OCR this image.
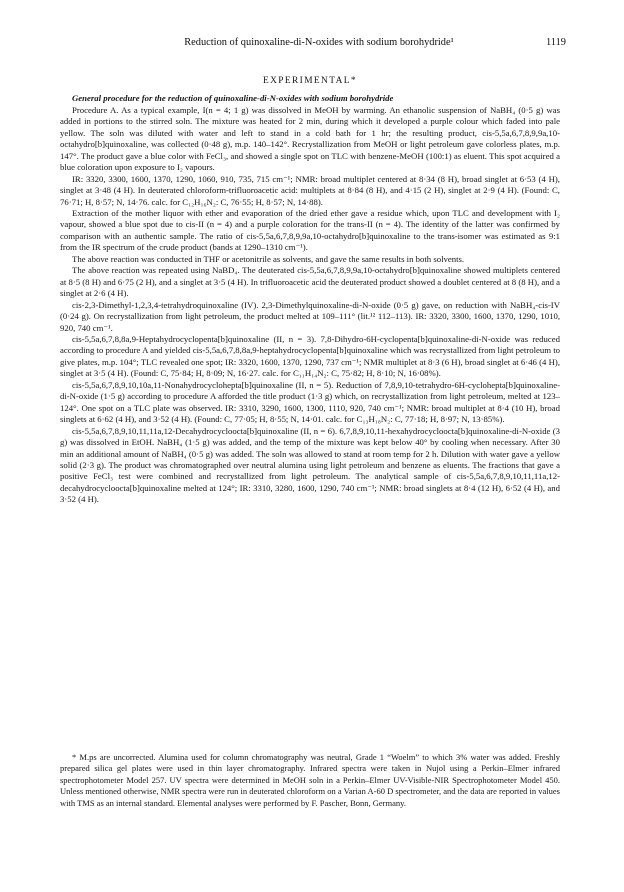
Reduction of quinoxaline-di-N-oxides with sodium borohydride¹	1119
EXPERIMENTAL*

General procedure for the reduction of quinoxaline-di-N-oxides with sodium borohydride

Procedure A. As a typical example, I(n = 4; 1 g) was dissolved in MeOH by warming. An ethanolic suspension of NaBH₄ (0·5 g) was added in portions to the stirred soln. The mixture was heated for 2 min, during which it developed a purple colour which faded into pale yellow. The soln was diluted with water and left to stand in a cold bath for 1 hr; the resulting product, cis-5,5a,6,7,8,9,9a,10-octahydro[b]quinoxaline, was collected (0·48 g), m.p. 140–142°. Recrystallization from MeOH or light petroleum gave colorless plates, m.p. 147°. The product gave a blue color with FeCl₃, and showed a single spot on TLC with benzene-MeOH (100:1) as eluent. This spot acquired a blue coloration upon exposure to I₂ vapours.

IR: 3320, 3300, 1600, 1370, 1290, 1060, 910, 735, 715 cm⁻¹; NMR: broad multiplet centered at 8·34 (8 H), broad singlet at 6·53 (4 H), singlet at 3·48 (4 H). In deuterated chloroform-trifluoroacetic acid: multiplets at 8·84 (8 H), and 4·15 (2 H), singlet at 2·9 (4 H). (Found: C, 76·71; H, 8·57; N, 14·76. calc. for C₁₂H₁₆N₂: C, 76·55; H, 8·57; N, 14·88).

Extraction of the mother liquor with ether and evaporation of the dried ether gave a residue which, upon TLC and development with I₂ vapour, showed a blue spot due to cis-II (n = 4) and a purple coloration for the trans-II (n = 4). The identity of the latter was confirmed by comparison with an authentic sample. The ratio of cis-5,5a,6,7,8,9,9a,10-octahydro[b]quinoxaline to the trans-isomer was estimated as 9:1 from the IR spectrum of the crude product (bands at 1290–1310 cm⁻¹).

The above reaction was conducted in THF or acetonitrile as solvents, and gave the same results in both solvents.

The above reaction was repeated using NaBD₄. The deuterated cis-5,5a,6,7,8,9,9a,10-octahydro[b]quinoxaline showed multiplets centered at 8·5 (8 H) and 6·75 (2 H), and a singlet at 3·5 (4 H). In trifluoroacetic acid the deuterated product showed a doublet centered at 8 (8 H), and a singlet at 2·6 (4 H).

cis-2,3-Dimethyl-1,2,3,4-tetrahydroquinoxaline (IV). 2,3-Dimethylquinoxaline-di-N-oxide (0·5 g) gave, on reduction with NaBH₄-cis-IV (0·24 g). On recrystallization from light petroleum, the product melted at 109–111° (lit.¹² 112–113). IR: 3320, 3300, 1600, 1370, 1290, 1010, 920, 740 cm⁻¹.

cis-5,5a,6,7,8,8a,9-Heptahydrocyclopenta[b]quinoxaline (II, n = 3). 7,8-Dihydro-6H-cyclopenta[b]quinoxaline-di-N-oxide was reduced according to procedure A and yielded cis-5,5a,6,7,8,8a,9-heptahydrocyclopenta[b]quinoxaline which was recrystallized from light petroleum to give plates, m.p. 104°; TLC revealed one spot; IR: 3320, 1600, 1370, 1290, 737 cm⁻¹; NMR multiplet at 8·3 (6 H), broad singlet at 6·46 (4 H), singlet at 3·5 (4 H). (Found: C, 75·84; H, 8·09; N, 16·27. calc. for C₁₁H₁₄N₂: C, 75·82; H, 8·10; N, 16·08%).

cis-5,5a,6,7,8,9,10,10a,11-Nonahydrocyclohepta[b]quinoxaline (II, n = 5). Reduction of 7,8,9,10-tetrahydro-6H-cyclohepta[b]quinoxaline-di-N-oxide (1·5 g) according to procedure A afforded the title product (1·3 g) which, on recrystallization from light petroleum, melted at 123–124°. One spot on a TLC plate was observed. IR: 3310, 3290, 1600, 1300, 1110, 920, 740 cm⁻¹; NMR: broad multiplet at 8·4 (10 H), broad singlets at 6·62 (4 H), and 3·52 (4 H). (Found: C, 77·05; H, 8·55; N, 14·01. calc. for C₁₃H₁₈N₂: C, 77·18; H, 8·97; N, 13·85%).

cis-5,5a,6,7,8,9,10,11,11a,12-Decahydrocycloocta[b]quinoxaline (II, n = 6). 6,7,8,9,10,11-hexahydrocycloocta[b]quinoxaline-di-N-oxide (3 g) was dissolved in EtOH. NaBH₄ (1·5 g) was added, and the temp of the mixture was kept below 40° by cooling when necessary. After 30 min an additional amount of NaBH₄ (0·5 g) was added. The soln was allowed to stand at room temp for 2 h. Dilution with water gave a yellow solid (2·3 g). The product was chromatographed over neutral alumina using light petroleum and benzene as eluents. The fractions that gave a positive FeCl₃ test were combined and recrystallized from light petroleum. The analytical sample of cis-5,5a,6,7,8,9,10,11,11a,12-decahydrocycloocta[b]quinoxaline melted at 124°; IR: 3310, 3280, 1600, 1290, 740 cm⁻¹; NMR: broad singlets at 8·4 (12 H), 6·52 (4 H), and 3·52 (4 H).

* M.ps are uncorrected. Alumina used for column chromatography was neutral, Grade 1 “Woelm” to which 3% water was added. Freshly prepared silica gel plates were used in thin layer chromatography. Infrared spectra were taken in Nujol using a Perkin–Elmer infrared spectrophotometer Model 257. UV spectra were determined in MeOH soln in a Perkin–Elmer UV-Visible-NIR Spectrophotometer Model 450. Unless mentioned otherwise, NMR spectra were run in deuterated chloroform on a Varian A-60 D spectrometer, and the data are reported in values with TMS as an internal standard. Elemental analyses were performed by F. Pascher, Bonn, Germany.
